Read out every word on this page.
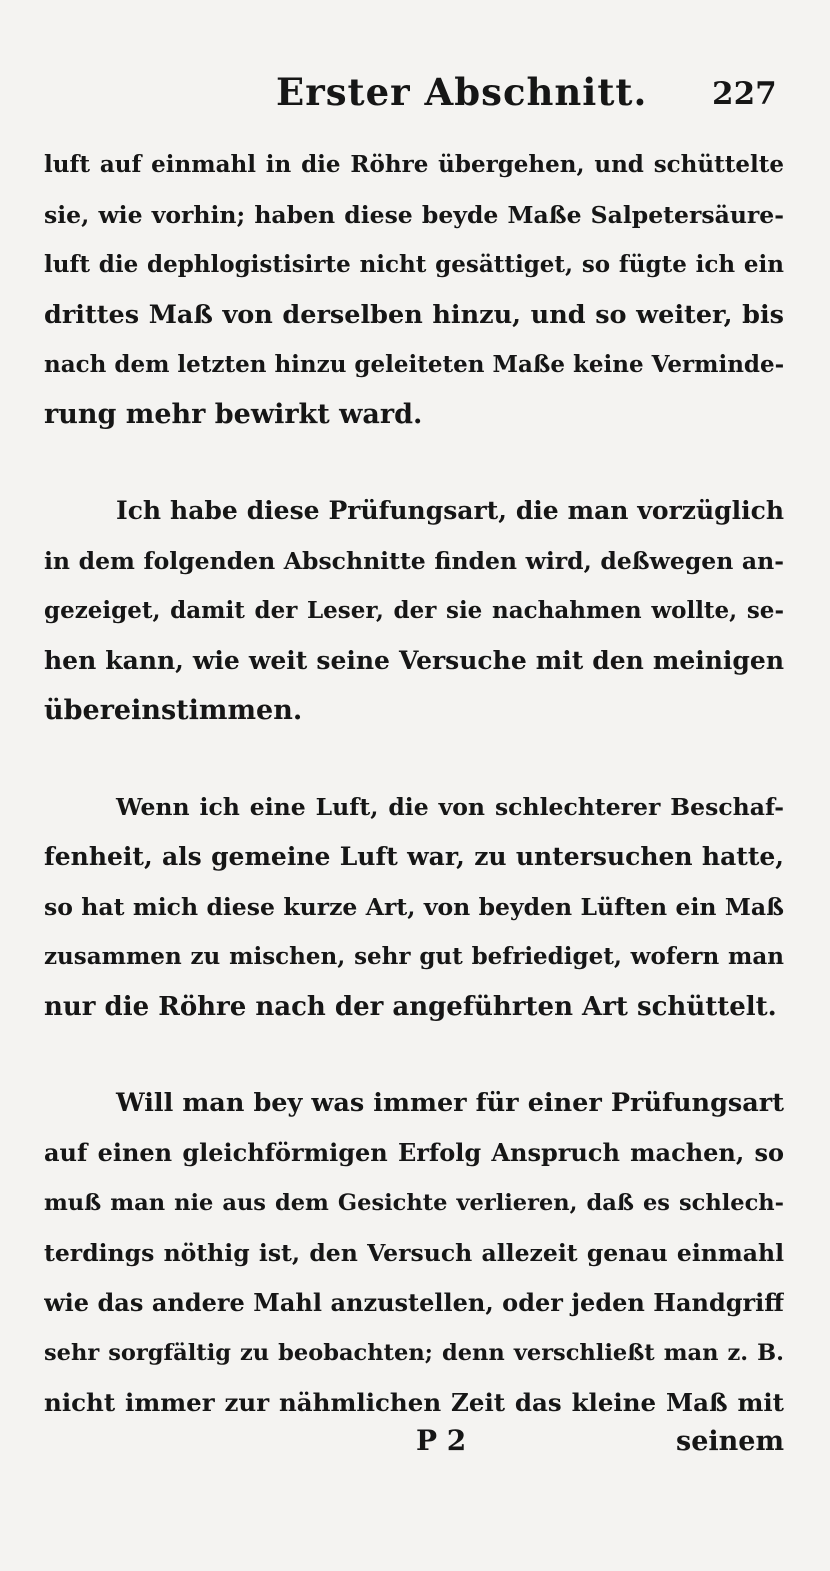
Erster Abschnitt. 227
luft auf einmahl in die Röhre übergehen, und schüttelte
sie, wie vorhin; haben diese beyde Maße Salpetersäure-
luft die dephlogistisirte nicht gesättiget, so fügte ich ein
drittes Maß von derselben hinzu, und so weiter, bis
nach dem letzten hinzu geleiteten Maße keine Verminde-
rung mehr bewirkt ward.
Ich habe diese Prüfungsart, die man vorzüglich
in dem folgenden Abschnitte finden wird, deßwegen an-
gezeiget, damit der Leser, der sie nachahmen wollte, se-
hen kann, wie weit seine Versuche mit den meinigen
übereinstimmen.
Wenn ich eine Luft, die von schlechterer Beschaf-
fenheit, als gemeine Luft war, zu untersuchen hatte,
so hat mich diese kurze Art, von beyden Lüften ein Maß
zusammen zu mischen, sehr gut befriediget, wofern man
nur die Röhre nach der angeführten Art schüttelt.
Will man bey was immer für einer Prüfungsart
auf einen gleichförmigen Erfolg Anspruch machen, so
muß man nie aus dem Gesichte verlieren, daß es schlech-
terdings nöthig ist, den Versuch allezeit genau einmahl
wie das andere Mahl anzustellen, oder jeden Handgriff
sehr sorgfältig zu beobachten; denn verschließt man z. B.
nicht immer zur nähmlichen Zeit das kleine Maß mit
P 2	seinem
